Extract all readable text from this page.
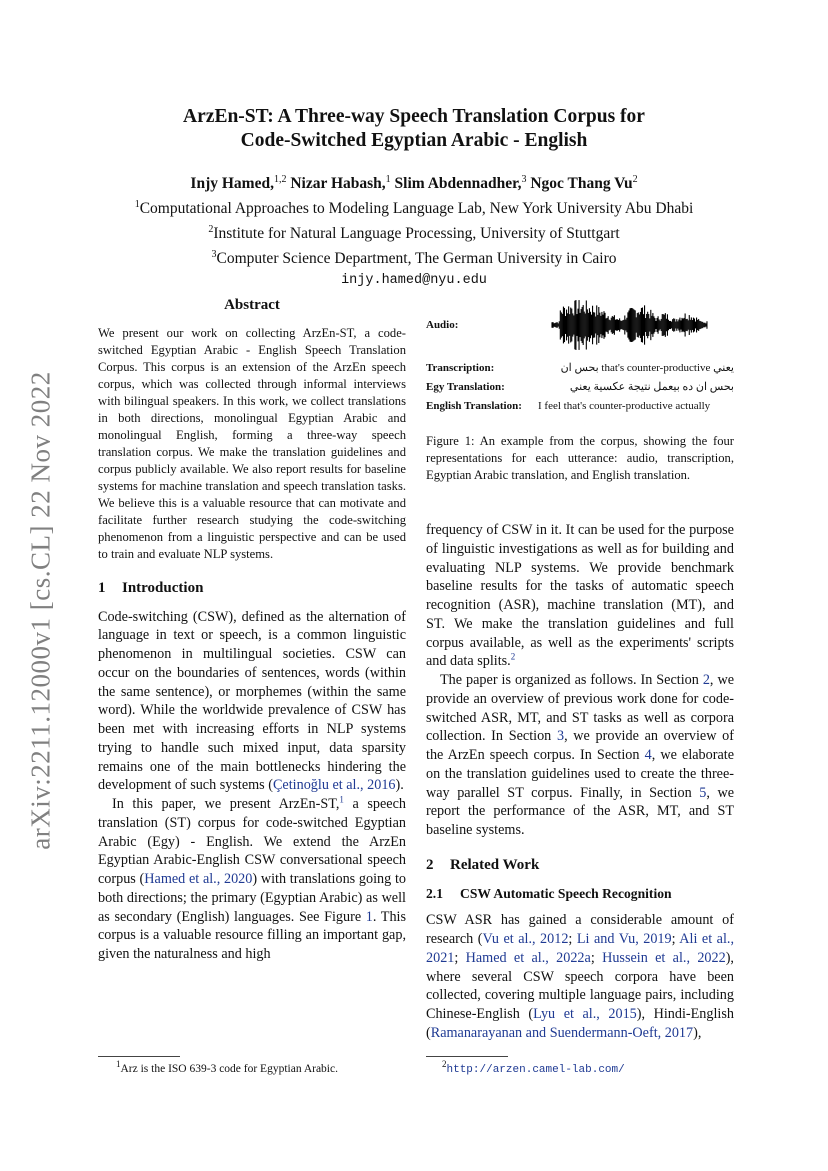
arXiv:2211.12000v1 [cs.CL] 22 Nov 2022
ArzEn-ST: A Three-way Speech Translation Corpus for
Code-Switched Egyptian Arabic - English
Injy Hamed,$^{1,2}$ Nizar Habash,$^1$ Slim Abdennadher,$^3$ Ngoc Thang Vu$^2$
$^1$Computational Approaches to Modeling Language Lab, New York University Abu Dhabi
$^2$Institute for Natural Language Processing, University of Stuttgart
$^3$Computer Science Department, The German University in Cairo
injy.hamed@nyu.edu
Abstract

We present our work on collecting ArzEn-ST, a code-switched Egyptian Arabic - English Speech Translation Corpus. This corpus is an extension of the ArzEn speech corpus, which was collected through informal interviews with bilingual speakers. In this work, we collect translations in both directions, monolingual Egyptian Arabic and monolingual English, forming a three-way speech translation corpus. We make the translation guidelines and corpus publicly available. We also report results for baseline systems for machine translation and speech translation tasks. We believe this is a valuable resource that can motivate and facilitate further research studying the code-switching phenomenon from a linguistic perspective and can be used to train and evaluate NLP systems.

1 Introduction

Code-switching (CSW), defined as the alternation of language in text or speech, is a common linguistic phenomenon in multilingual societies. CSW can occur on the boundaries of sentences, words (within the same sentence), or morphemes (within the same word). While the worldwide prevalence of CSW has been met with increasing efforts in NLP systems trying to handle such mixed input, data sparsity remains one of the main bottlenecks hindering the development of such systems (Çetinoğlu et al., 2016).

In this paper, we present ArzEn-ST,$^1$ a speech translation (ST) corpus for code-switched Egyptian Arabic (Egy) - English. We extend the ArzEn Egyptian Arabic-English CSW conversational speech corpus (Hamed et al., 2020) with translations going to both directions; the primary (Egyptian Arabic) as well as secondary (English) languages. See Figure 1. This corpus is a valuable resource filling an important gap, given the naturalness and high

Audio:
Transcription:	بحس ان that's counter-productive يعني
Egy Translation:	بحس ان ده بيعمل نتيجة عكسية يعني
English Translation:	I feel that's counter-productive actually
Figure 1: An example from the corpus, showing the four representations for each utterance: audio, transcription, Egyptian Arabic translation, and English translation.

frequency of CSW in it. It can be used for the purpose of linguistic investigations as well as for building and evaluating NLP systems. We provide benchmark baseline results for the tasks of automatic speech recognition (ASR), machine translation (MT), and ST. We make the translation guidelines and full corpus available, as well as the experiments' scripts and data splits.$^2$

The paper is organized as follows. In Section 2, we provide an overview of previous work done for code-switched ASR, MT, and ST tasks as well as corpora collection. In Section 3, we provide an overview of the ArzEn speech corpus. In Section 4, we elaborate on the translation guidelines used to create the three-way parallel ST corpus. Finally, in Section 5, we report the performance of the ASR, MT, and ST baseline systems.

2 Related Work
2.1 CSW Automatic Speech Recognition

CSW ASR has gained a considerable amount of research (Vu et al., 2012; Li and Vu, 2019; Ali et al., 2021; Hamed et al., 2022a; Hussein et al., 2022), where several CSW speech corpora have been collected, covering multiple language pairs, including Chinese-English (Lyu et al., 2015), Hindi-English (Ramanarayanan and Suendermann-Oeft, 2017),

$^1$Arz is the ISO 639-3 code for Egyptian Arabic.	$^2$http://arzen.camel-lab.com/
